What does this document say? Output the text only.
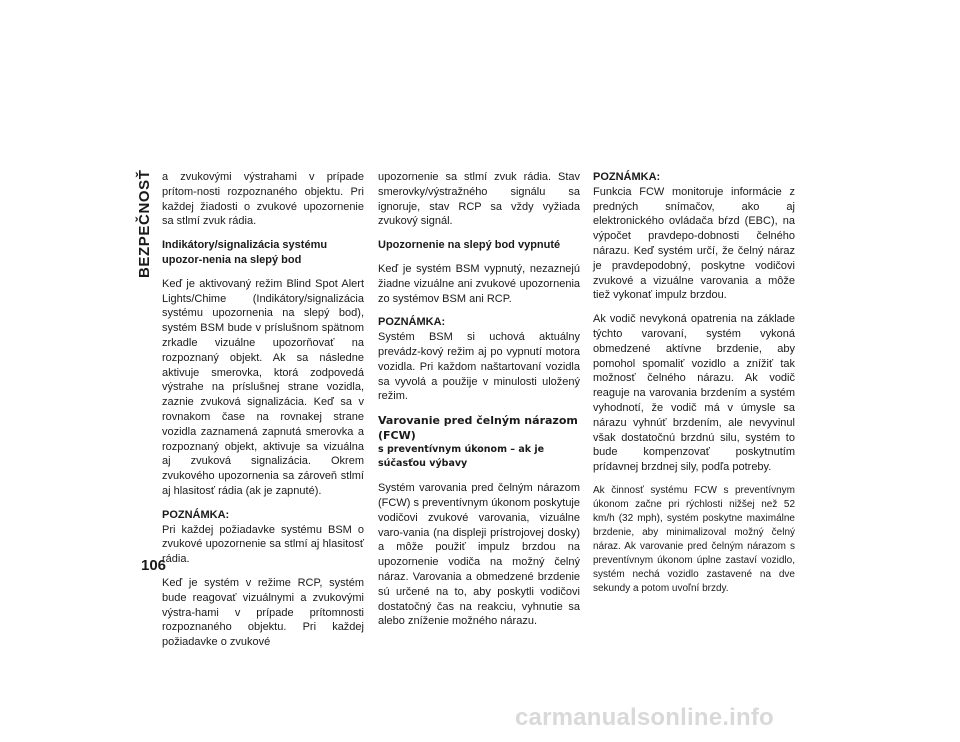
BEZPEČNOSŤ a zvukovými výstrahami v prípade prítom-nosti rozpoznaného objektu. Pri každej žiadosti o zvukové upozornenie sa stlmí zvuk rádia.

Indikátory/signalizácia systému upozor-nenia na slepý bod

Keď je aktivovaný režim Blind Spot Alert Lights/Chime (Indikátory/signalizácia systému upozornenia na slepý bod), systém BSM bude v príslušnom spätnom zrkadle vizuálne upozorňovať na rozpoznaný objekt. Ak sa následne aktivuje smerovka, ktorá zodpovedá výstrahe na príslušnej strane vozidla, zaznie zvuková signalizácia. Keď sa v rovnakom čase na rovnakej strane vozidla zaznamená zapnutá smerovka a rozpoznaný objekt, aktivuje sa vizuálna aj zvuková signalizácia. Okrem zvukového upozornenia sa zároveň stlmí aj hlasitosť rádia (ak je zapnuté).

POZNÁMKA:

Pri každej požiadavke systému BSM o zvukové upozornenie sa stlmí aj hlasitosť rádia.

Keď je systém v režime RCP, systém bude reagovať vizuálnymi a zvukovými výstra-hami v prípade prítomnosti rozpoznaného objektu. Pri každej požiadavke o zvukové

upozornenie sa stlmí zvuk rádia. Stav smerovky/výstražného signálu sa ignoruje, stav RCP sa vždy vyžiada zvukový signál.

Upozornenie na slepý bod vypnuté

Keď je systém BSM vypnutý, nezaznejú žiadne vizuálne ani zvukové upozornenia zo systémov BSM ani RCP.

POZNÁMKA:

Systém BSM si uchová aktuálny prevádz-kový režim aj po vypnutí motora vozidla. Pri každom naštartovaní vozidla sa vyvolá a použije v minulosti uložený režim.

Varovanie pred čelným nárazom (FCW)
s preventívnym úkonom – ak je súčasťou výbavy

Systém varovania pred čelným nárazom (FCW) s preventívnym úkonom poskytuje vodičovi zvukové varovania, vizuálne varo-vania (na displeji prístrojovej dosky) a môže použiť impulz brzdou na upozornenie vodiča na možný čelný náraz. Varovania a obmedzené brzdenie sú určené na to, aby poskytli vodičovi dostatočný čas na reakciu, vyhnutie sa alebo zníženie možného nárazu.

POZNÁMKA:

Funkcia FCW monitoruje informácie z predných snímačov, ako aj elektronického ovládača bŕzd (EBC), na výpočet pravdepo-dobnosti čelného nárazu. Keď systém určí, že čelný náraz je pravdepodobný, poskytne vodičovi zvukové a vizuálne varovania a môže tiež vykonať impulz brzdou.

Ak vodič nevykoná opatrenia na základe týchto varovaní, systém vykoná obmedzené aktívne brzdenie, aby pomohol spomaliť vozidlo a znížiť tak možnosť čelného nárazu. Ak vodič reaguje na varovania brzdením a systém vyhodnotí, že vodič má v úmysle sa nárazu vyhnúť brzdením, ale nevyvinul však dostatočnú brzdnú silu, systém to bude kompenzovať poskytnutím prídavnej brzdnej sily, podľa potreby.

Ak činnosť systému FCW s preventívnym úkonom začne pri rýchlosti nižšej než 52 km/h (32 mph), systém poskytne maximálne brzdenie, aby minimalizoval možný čelný náraz. Ak varovanie pred čelným nárazom s preventívnym úkonom úplne zastaví vozidlo, systém nechá vozidlo zastavené na dve sekundy a potom uvoľní brzdy.

106
carmanualsonline.info
